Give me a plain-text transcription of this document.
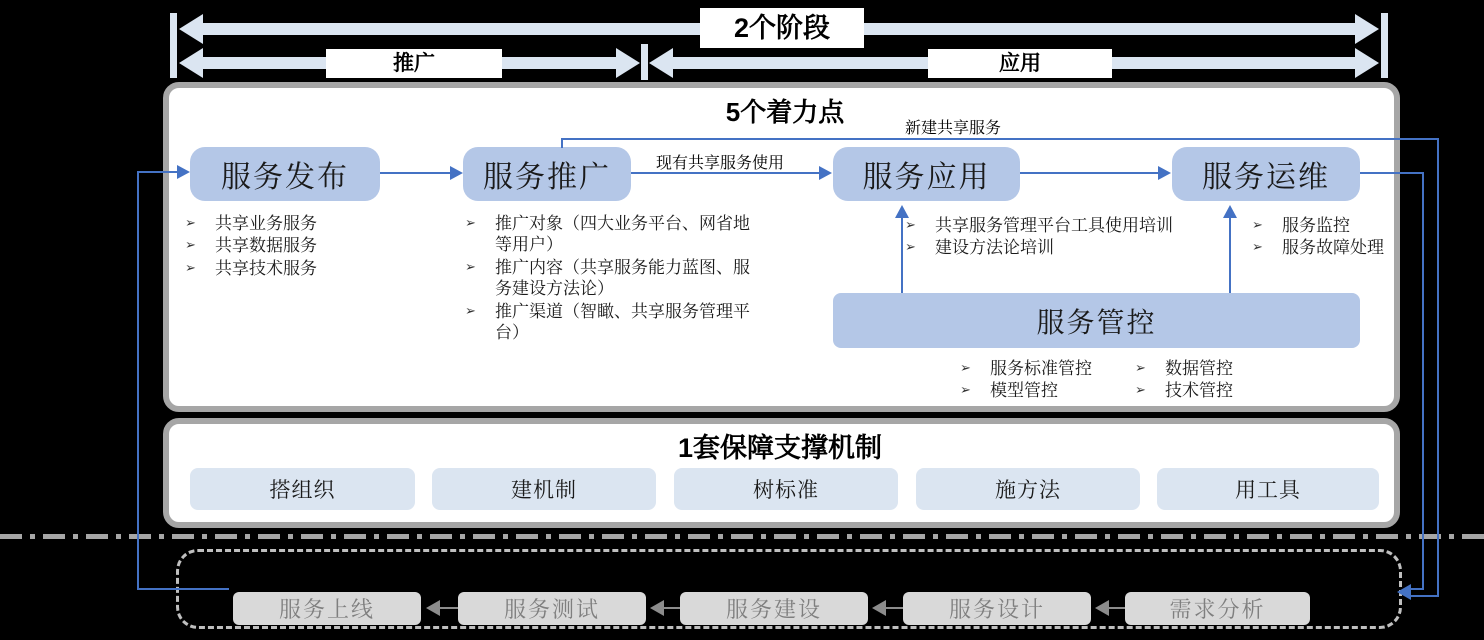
2个阶段
推广	应用
5个着力点
服务发布	服务推广	服务应用	服务运维
服务管控
➢ 共享业务服务
➢ 共享数据服务
➢ 共享技术服务
➢ 推广对象（四大业务平台、网省地等用户）
➢ 推广内容（共享服务能力蓝图、服务建设方法论）
➢ 推广渠道（智瞰、共享服务管理平台）
➢ 共享服务管理平台工具使用培训
➢ 建设方法论培训
➢ 服务监控
➢ 服务故障处理
➢ 服务标准管控
➢ 模型管控
➢ 数据管控
➢ 技术管控
现有共享服务使用
新建共享服务
1套保障支撑机制
搭组织	建机制	树标准	施方法	用工具
服务上线	服务测试	服务建设	服务设计	需求分析
